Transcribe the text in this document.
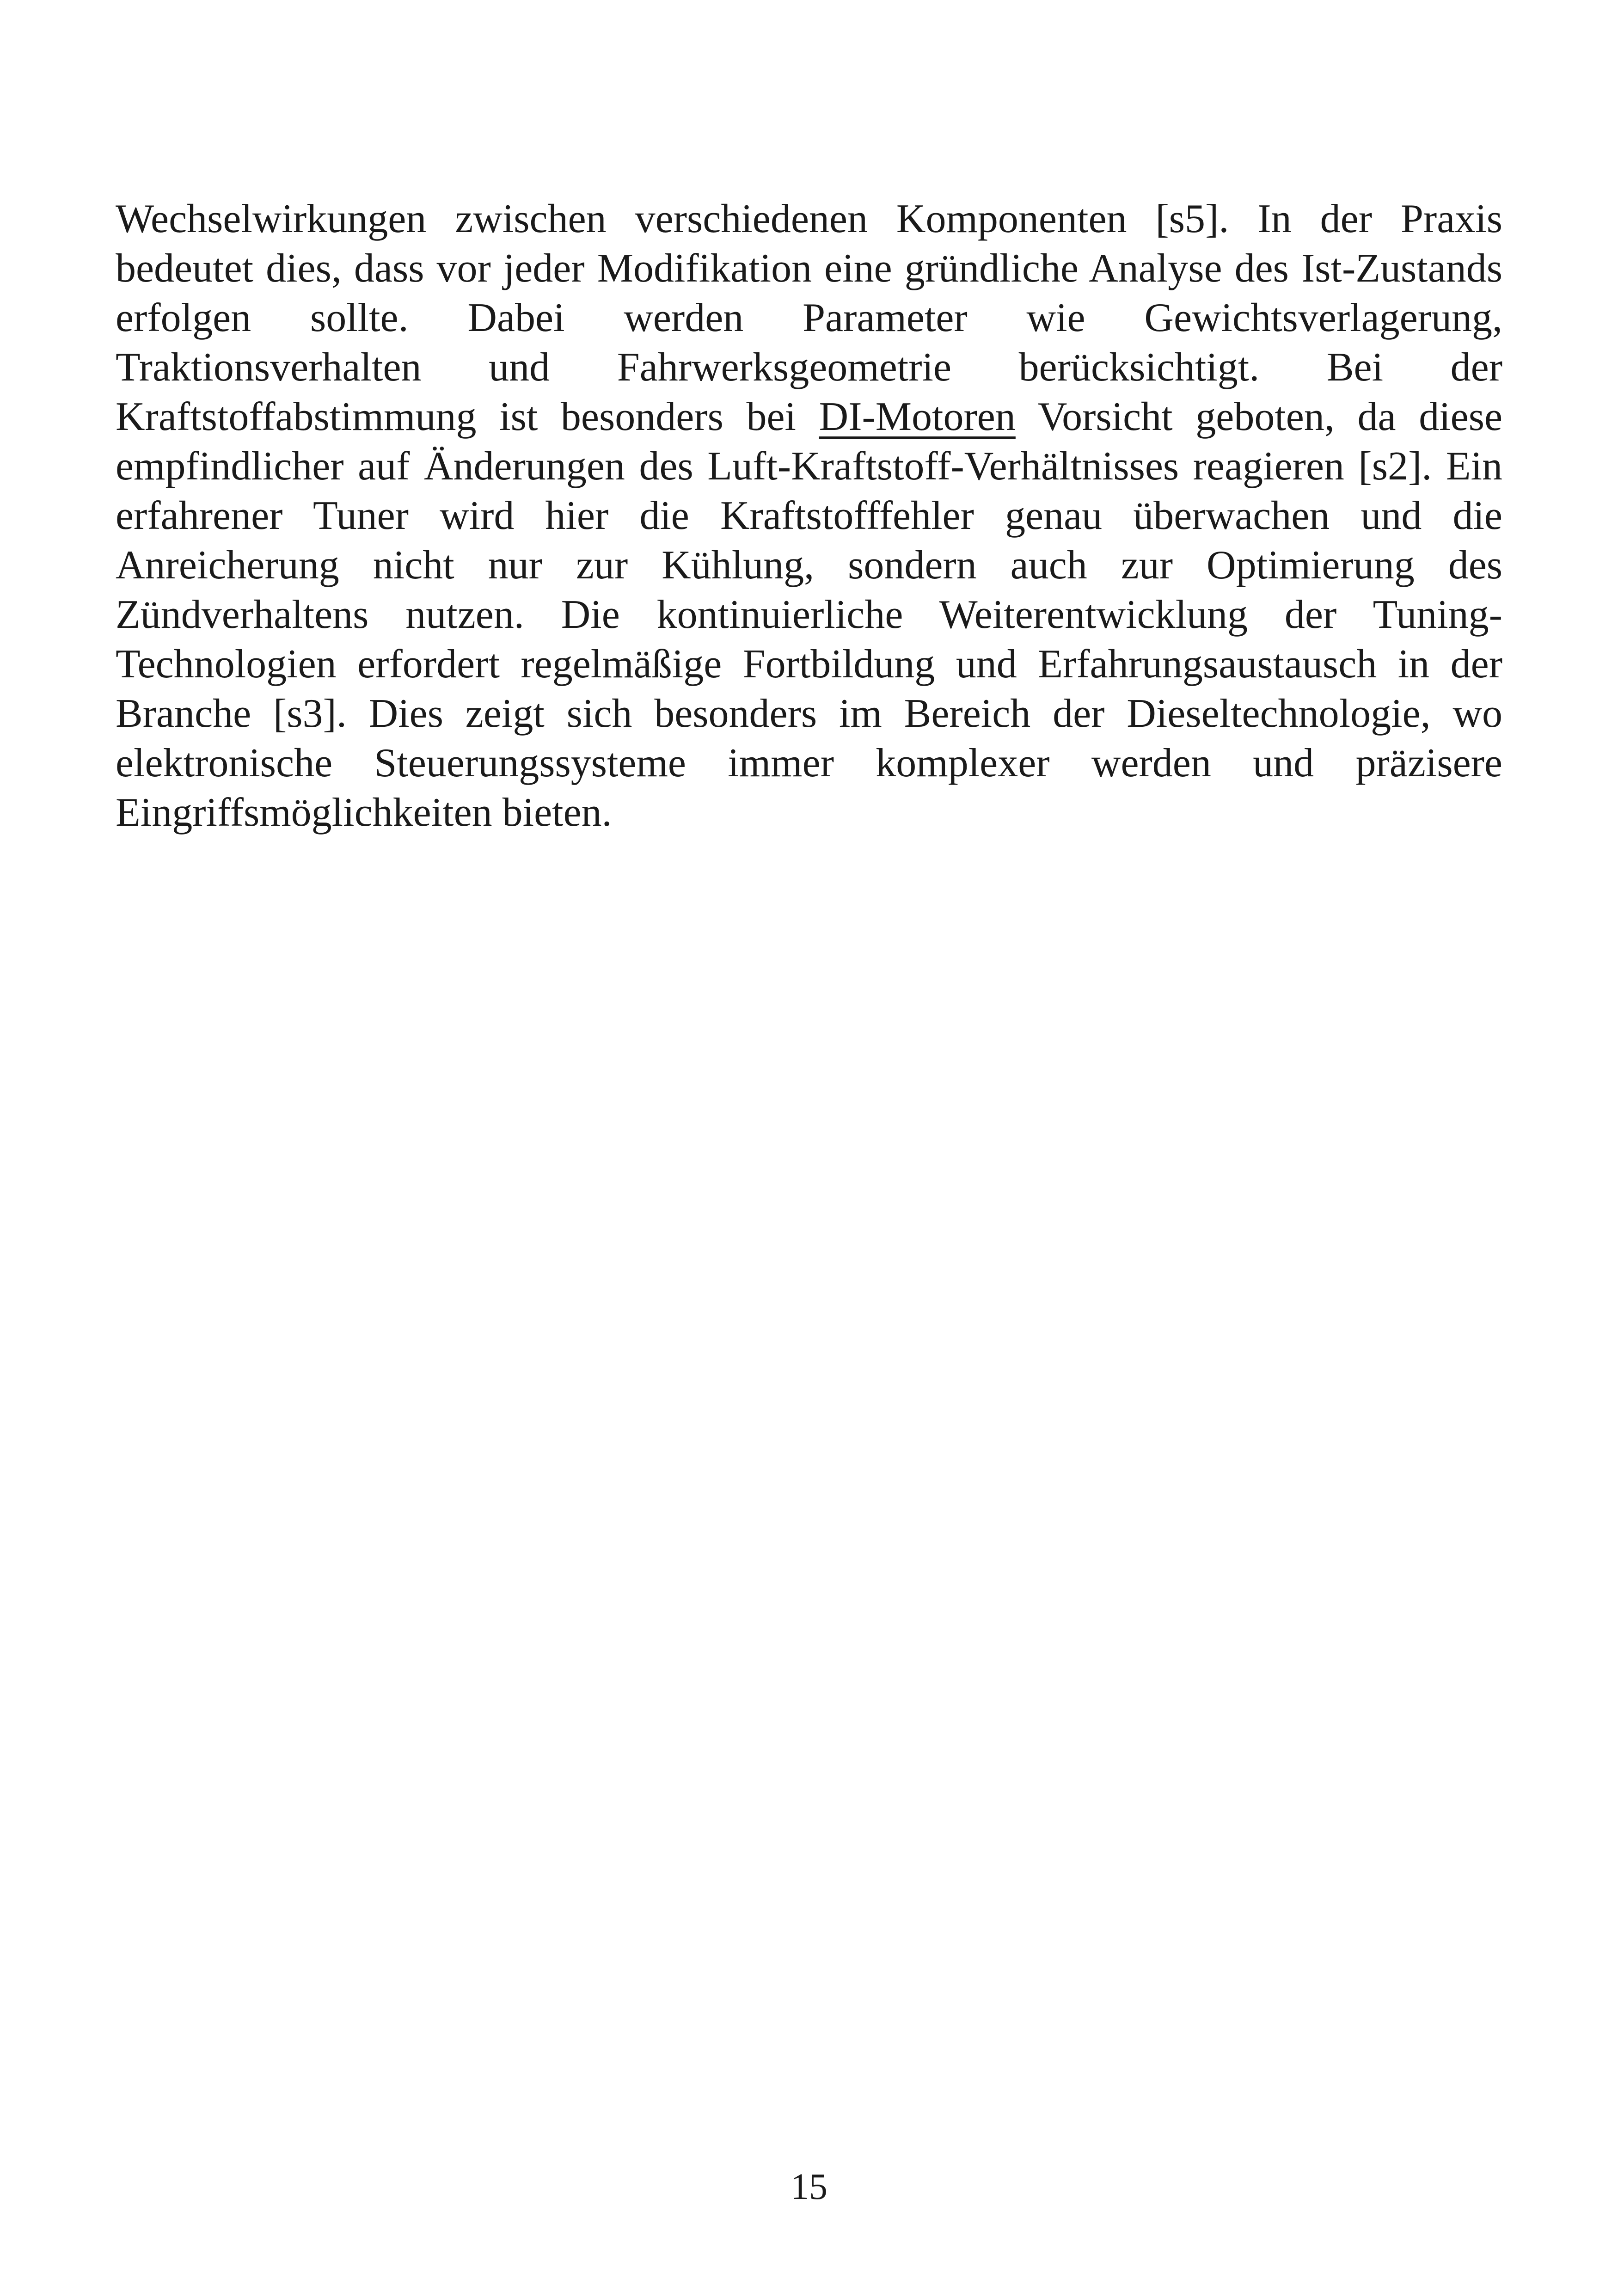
Wechselwirkungen zwischen verschiedenen Komponenten [s5]. In der Praxis bedeutet dies, dass vor jeder Modifikation eine gründliche Analyse des Ist-Zustands erfolgen sollte. Dabei werden Parameter wie Gewichtsverlagerung, Traktionsverhalten und Fahrwerksgeometrie berücksichtigt. Bei der Kraftstoffabstimmung ist besonders bei DI-Motoren Vorsicht geboten, da diese empfindlicher auf Änderungen des Luft-Kraftstoff-Verhältnisses reagieren [s2]. Ein erfahrener Tuner wird hier die Kraftstofffehler genau überwachen und die Anreicherung nicht nur zur Kühlung, sondern auch zur Optimierung des Zündverhaltens nutzen. Die kontinuierliche Weiterentwicklung der Tuning-Technologien erfordert regelmäßige Fortbildung und Erfahrungsaustausch in der Branche [s3]. Dies zeigt sich besonders im Bereich der Dieseltechnologie, wo elektronische Steuerungssysteme immer komplexer werden und präzisere Eingriffsmöglichkeiten bieten.

15
